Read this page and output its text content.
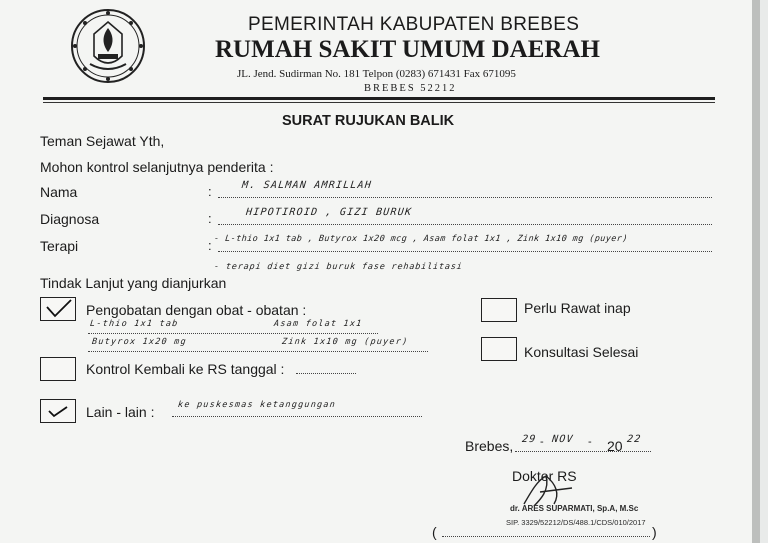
PEMERINTAH KABUPATEN BREBES
RUMAH SAKIT UMUM DAERAH
JL. Jend. Sudirman No. 181 Telpon (0283) 671431 Fax 671095
BREBES 52212
SURAT RUJUKAN BALIK
Teman Sejawat Yth,
Mohon kontrol selanjutnya penderita :
Nama	:	M. SALMAN AMRILLAH
Diagnosa	:	HIPOTIROID , GIZI BURUK
Terapi	: - L-thio 1x1 tab , Butyrox 1x20 mcg , Asam folat 1x1 , Zink 1x10 mg (puyer)
- terapi diet gizi buruk fase rehabilitasi
Tindak Lanjut yang dianjurkan
Pengobatan dengan obat - obatan :
L-thio 1x1 tab	Asam folat 1x1
Butyrox 1x20 mg	Zink 1x10 mg (puyer)
Kontrol Kembali ke RS tanggal :
Lain - lain :	ke puskesmas ketanggungan
Perlu Rawat inap
Konsultasi Selesai
Brebes, 29 - NOV - 20 22
Dokter RS
dr. ARES SUPARMATI, Sp.A, M.Sc
SIP. 3329/52212/DS/488.1/CDS/010/2017
(	)
